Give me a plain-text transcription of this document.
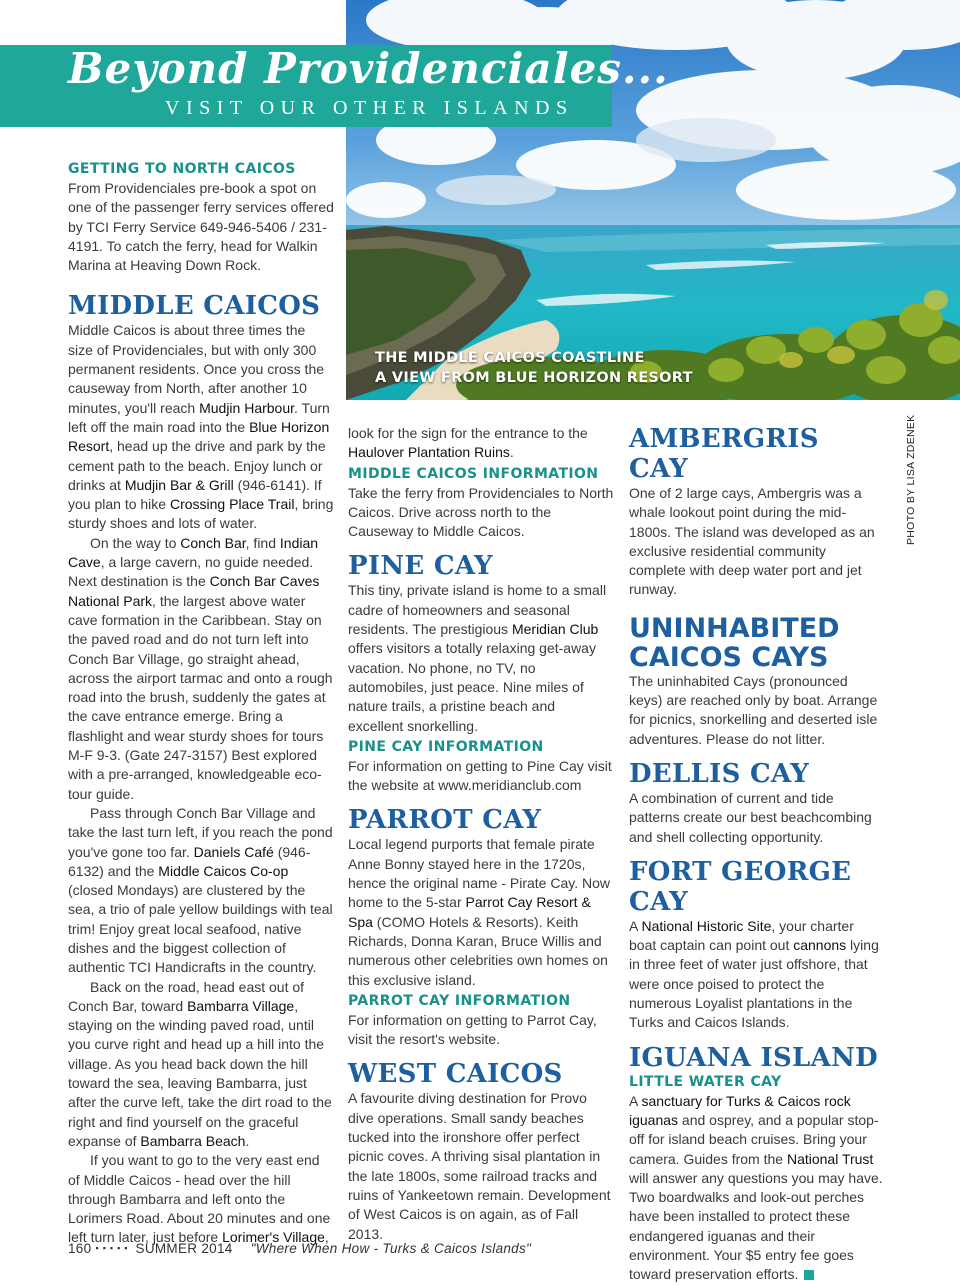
THE MIDDLE CAICOS COASTLINE
A VIEW FROM BLUE HORIZON RESORT
Beyond Providenciales...
VISIT OUR OTHER ISLANDS
PHOTO BY LISA ZDENEK
GETTING TO NORTH CAICOS

From Providenciales pre-book a spot on one of the passenger ferry services offered by TCI Ferry Service 649-946-5406 / 231-4191. To catch the ferry, head for Walkin Marina at Heaving Down Rock.

MIDDLE CAICOS

Middle Caicos is about three times the size of Providenciales, but with only 300 permanent residents. Once you cross the causeway from North, after another 10 minutes, you'll reach Mudjin Harbour. Turn left off the main road into the Blue Horizon Resort, head up the drive and park by the cement path to the beach. Enjoy lunch or drinks at Mudjin Bar & Grill (946-6141). If you plan to hike Crossing Place Trail, bring sturdy shoes and lots of water.

On the way to Conch Bar, find Indian Cave, a large cavern, no guide needed. Next destination is the Conch Bar Caves National Park, the largest above water cave formation in the Caribbean. Stay on the paved road and do not turn left into Conch Bar Village, go straight ahead, across the airport tarmac and onto a rough road into the brush, suddenly the gates at the cave entrance emerge. Bring a flashlight and wear sturdy shoes for tours M-F 9-3. (Gate 247-3157) Best explored with a pre-arranged, knowledgeable eco-tour guide.

Pass through Conch Bar Village and take the last turn left, if you reach the pond you've gone too far. Daniels Café (946-6132) and the Middle Caicos Co-op (closed Mondays) are clustered by the sea, a trio of pale yellow buildings with teal trim! Enjoy great local seafood, native dishes and the biggest collection of authentic TCI Handicrafts in the country.

Back on the road, head east out of Conch Bar, toward Bambarra Village, staying on the winding paved road, until you curve right and head up a hill into the village. As you head back down the hill toward the sea, leaving Bambarra, just after the curve left, take the dirt road to the right and find yourself on the graceful expanse of Bambarra Beach.

If you want to go to the very east end of Middle Caicos - head over the hill through Bambarra and left onto the Lorimers Road. About 20 minutes and one left turn later, just before Lorimer's Village,

look for the sign for the entrance to the Haulover Plantation Ruins.

MIDDLE CAICOS INFORMATION

Take the ferry from Providenciales to North Caicos. Drive across north to the Causeway to Middle Caicos.

PINE CAY

This tiny, private island is home to a small cadre of homeowners and seasonal residents. The prestigious Meridian Club offers visitors a totally relaxing get-away vacation. No phone, no TV, no automobiles, just peace. Nine miles of nature trails, a pristine beach and excellent snorkelling.

PINE CAY INFORMATION

For information on getting to Pine Cay visit the website at www.meridianclub.com

PARROT CAY

Local legend purports that female pirate Anne Bonny stayed here in the 1720s, hence the original name - Pirate Cay. Now home to the 5-star Parrot Cay Resort & Spa (COMO Hotels & Resorts). Keith Richards, Donna Karan, Bruce Willis and numerous other celebrities own homes on this exclusive island.

PARROT CAY INFORMATION

For information on getting to Parrot Cay, visit the resort's website.

WEST CAICOS

A favourite diving destination for Provo dive operations. Small sandy beaches tucked into the ironshore offer perfect picnic coves. A thriving sisal plantation in the late 1800s, some railroad tracks and ruins of Yankeetown remain. Development of West Caicos is on again, as of Fall 2013.

AMBERGRIS CAY

One of 2 large cays, Ambergris was a whale lookout point during the mid-1800s. The island was developed as an exclusive residential community complete with deep water port and jet runway.

UNINHABITED CAICOS CAYS

The uninhabited Cays (pronounced keys) are reached only by boat. Arrange for picnics, snorkelling and deserted isle adventures. Please do not litter.

DELLIS CAY

A combination of current and tide patterns create our best beachcombing and shell collecting opportunity.

FORT GEORGE CAY

A National Historic Site, your charter boat captain can point out cannons lying in three feet of water just offshore, that were once poised to protect the numerous Loyalist plantations in the Turks and Caicos Islands.

IGUANA ISLAND
LITTLE WATER CAY

A sanctuary for Turks & Caicos rock iguanas and osprey, and a popular stop-off for island beach cruises. Bring your camera. Guides from the National Trust will answer any questions you may have. Two boardwalks and look-out perches have been installed to protect these endangered iguanas and their environment. Your $5 entry fee goes toward preservation efforts.

160 ▪▪▪▪▪ SUMMER 2014 "Where When How - Turks & Caicos Islands"
